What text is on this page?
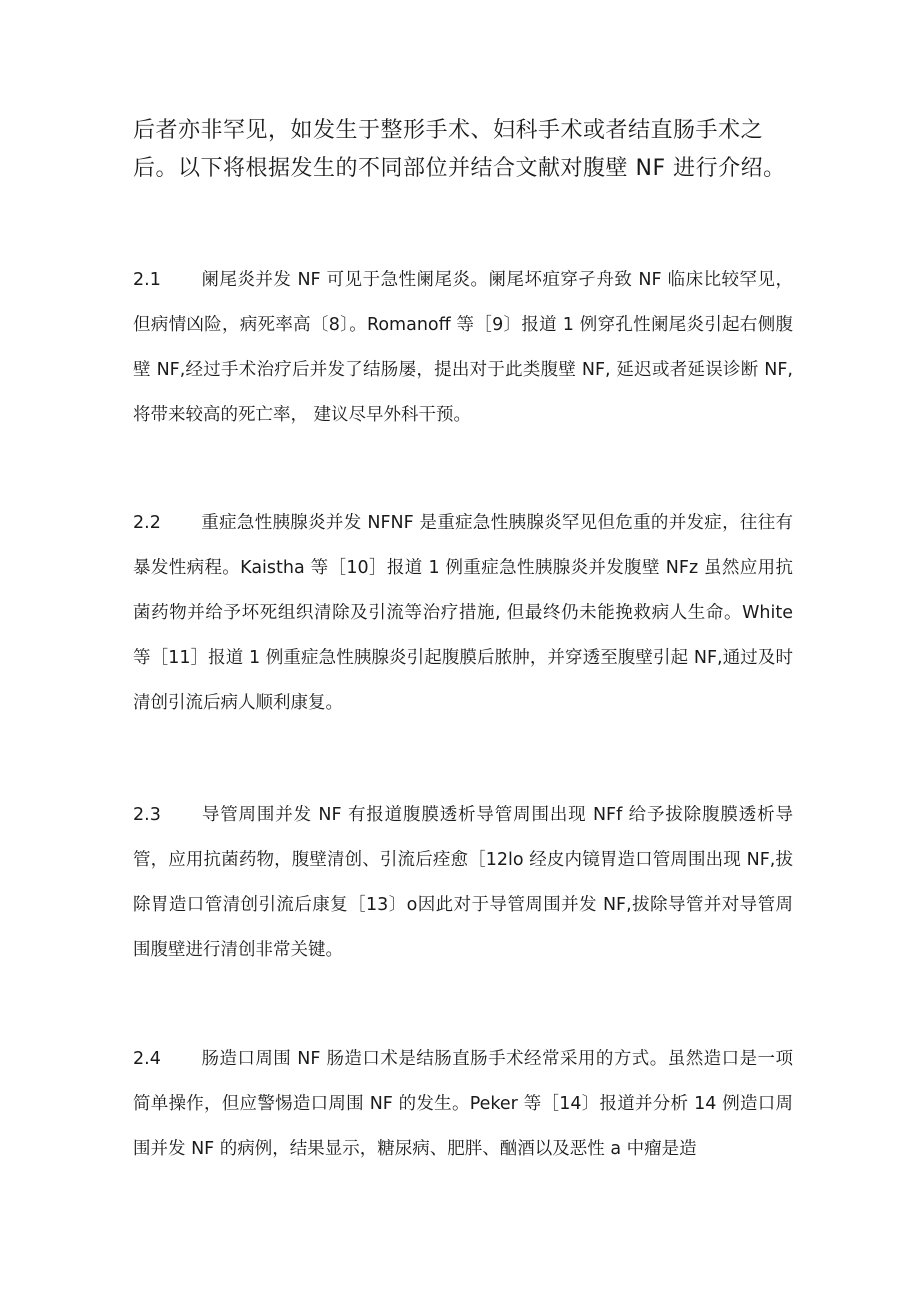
后者亦非罕见，如发生于整形手术、妇科手术或者结直肠手术之后。以下将根据发生的不同部位并结合文献对腹壁 NF 进行介绍。

2.1 阑尾炎并发 NF 可见于急性阑尾炎。阑尾坏疽穿孑舟致 NF 临床比较罕见，但病情凶险，病死率高〔8〕。Romanoff 等［9〕报道 1 例穿孔性阑尾炎引起右侧腹壁 NF,经过手术治疗后并发了结肠屡，提出对于此类腹壁 NF, 延迟或者延误诊断 NF,将带来较高的死亡率， 建议尽早外科干预。

2.2 重症急性胰腺炎并发 NFNF 是重症急性胰腺炎罕见但危重的并发症，往往有暴发性病程。Kaistha 等［10］报道 1 例重症急性胰腺炎并发腹壁 NFz 虽然应用抗菌药物并给予坏死组织清除及引流等治疗措施, 但最终仍未能挽救病人生命。White 等［11］报道 1 例重症急性胰腺炎引起腹膜后脓肿，并穿透至腹壁引起 NF,通过及时清创引流后病人顺利康复。

2.3 导管周围并发 NF 有报道腹膜透析导管周围出现 NFf 给予拔除腹膜透析导管，应用抗菌药物，腹壁清创、引流后痊愈［12lo 经皮内镜胃造口管周围出现 NF,拔除胃造口管清创引流后康复［13〕o因此对于导管周围并发 NF,拔除导管并对导管周围腹壁进行清创非常关键。

2.4 肠造口周围 NF 肠造口术是结肠直肠手术经常采用的方式。虽然造口是一项简单操作，但应警惕造口周围 NF 的发生。Peker 等［14〕报道并分析 14 例造口周围并发 NF 的病例，结果显示，糖尿病、肥胖、酗酒以及恶性 a 中瘤是造
